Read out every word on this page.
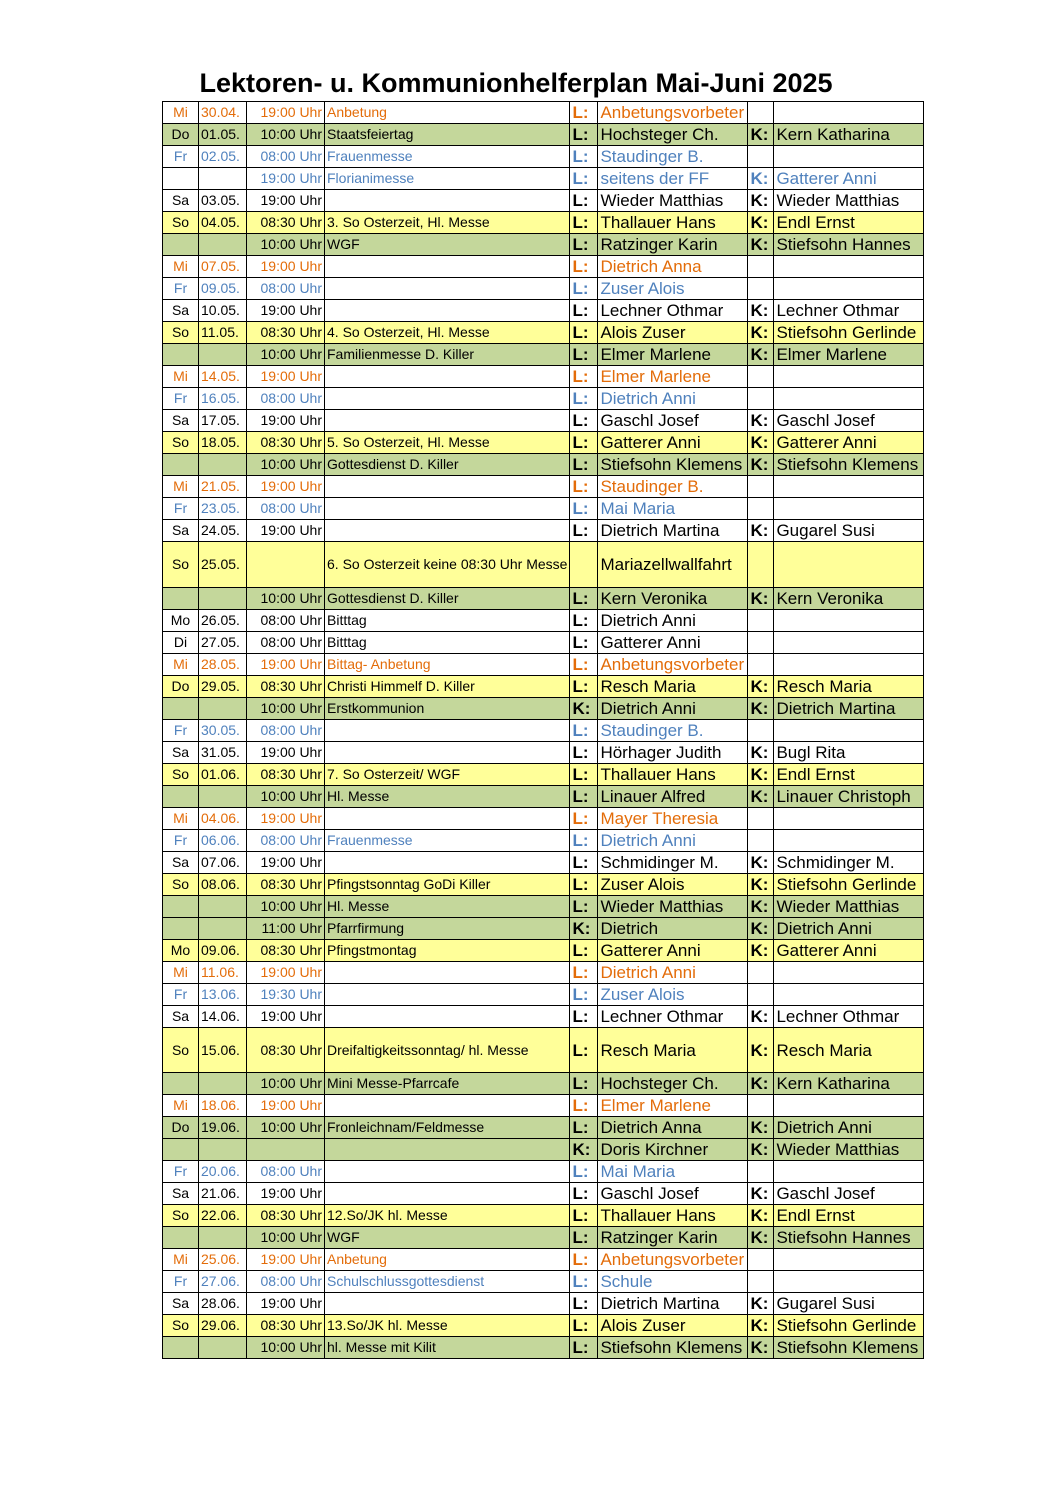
Lektoren- u. Kommunionhelferplan Mai-Juni 2025
Mi	30.04.	19:00 Uhr	Anbetung	L:	Anbetungsvorbeter		
Do	01.05.	10:00 Uhr	Staatsfeiertag	L:	Hochsteger Ch.	K:	Kern Katharina
Fr	02.05.	08:00 Uhr	Frauenmesse	L:	Staudinger B.		
		19:00 Uhr	Florianimesse	L:	seitens der FF	K:	Gatterer Anni
Sa	03.05.	19:00 Uhr		L:	Wieder Matthias	K:	Wieder Matthias
So	04.05.	08:30 Uhr	3. So Osterzeit, Hl. Messe	L:	Thallauer Hans	K:	Endl Ernst
		10:00 Uhr	WGF	L:	Ratzinger Karin	K:	Stiefsohn Hannes
Mi	07.05.	19:00 Uhr		L:	Dietrich Anna		
Fr	09.05.	08:00 Uhr		L:	Zuser Alois		
Sa	10.05.	19:00 Uhr		L:	Lechner Othmar	K:	Lechner Othmar
So	11.05.	08:30 Uhr	4. So Osterzeit, Hl. Messe	L:	Alois Zuser	K:	Stiefsohn Gerlinde
		10:00 Uhr	Familienmesse D. Killer	L:	Elmer Marlene	K:	Elmer Marlene
Mi	14.05.	19:00 Uhr		L:	Elmer Marlene		
Fr	16.05.	08:00 Uhr		L:	Dietrich Anni		
Sa	17.05.	19:00 Uhr		L:	Gaschl Josef	K:	Gaschl Josef
So	18.05.	08:30 Uhr	5. So Osterzeit, Hl. Messe	L:	Gatterer Anni	K:	Gatterer Anni
		10:00 Uhr	Gottesdienst D. Killer	L:	Stiefsohn Klemens	K:	Stiefsohn Klemens
Mi	21.05.	19:00 Uhr		L:	Staudinger B.		
Fr	23.05.	08:00 Uhr		L:	Mai Maria		
Sa	24.05.	19:00 Uhr		L:	Dietrich Martina	K:	Gugarel Susi
So	25.05.		6. So Osterzeit keine 08:30 Uhr Messe		Mariazellwallfahrt		
		10:00 Uhr	Gottesdienst D. Killer	L:	Kern Veronika	K:	Kern Veronika
Mo	26.05.	08:00 Uhr	Bitttag	L:	Dietrich Anni		
Di	27.05.	08:00 Uhr	Bitttag	L:	Gatterer Anni		
Mi	28.05.	19:00 Uhr	Bittag- Anbetung	L:	Anbetungsvorbeter		
Do	29.05.	08:30 Uhr	Christi Himmelf D. Killer	L:	Resch Maria	K:	Resch Maria
		10:00 Uhr	Erstkommunion	K:	Dietrich Anni	K:	Dietrich Martina
Fr	30.05.	08:00 Uhr		L:	Staudinger B.		
Sa	31.05.	19:00 Uhr		L:	Hörhager Judith	K:	Bugl Rita
So	01.06.	08:30 Uhr	7. So Osterzeit/ WGF	L:	Thallauer Hans	K:	Endl Ernst
		10:00 Uhr	Hl. Messe	L:	Linauer Alfred	K:	Linauer Christoph
Mi	04.06.	19:00 Uhr		L:	Mayer Theresia		
Fr	06.06.	08:00 Uhr	Frauenmesse	L:	Dietrich Anni		
Sa	07.06.	19:00 Uhr		L:	Schmidinger M.	K:	Schmidinger M.
So	08.06.	08:30 Uhr	Pfingstsonntag GoDi Killer	L:	Zuser Alois	K:	Stiefsohn Gerlinde
		10:00 Uhr	Hl. Messe	L:	Wieder Matthias	K:	Wieder Matthias
		11:00 Uhr	Pfarrfirmung	K:	Dietrich	K:	Dietrich Anni
Mo	09.06.	08:30 Uhr	Pfingstmontag	L:	Gatterer Anni	K:	Gatterer Anni
Mi	11.06.	19:00 Uhr		L:	Dietrich Anni		
Fr	13.06.	19:30 Uhr		L:	Zuser Alois		
Sa	14.06.	19:00 Uhr		L:	Lechner Othmar	K:	Lechner Othmar
So	15.06.	08:30 Uhr	Dreifaltigkeitssonntag/ hl. Messe	L:	Resch Maria	K:	Resch Maria
		10:00 Uhr	Mini Messe-Pfarrcafe	L:	Hochsteger Ch.	K:	Kern Katharina
Mi	18.06.	19:00 Uhr		L:	Elmer Marlene		
Do	19.06.	10:00 Uhr	Fronleichnam/Feldmesse	L:	Dietrich Anna	K:	Dietrich Anni
				K:	Doris Kirchner	K:	Wieder Matthias
Fr	20.06.	08:00 Uhr		L:	Mai Maria		
Sa	21.06.	19:00 Uhr		L:	Gaschl Josef	K:	Gaschl Josef
So	22.06.	08:30 Uhr	12.So/JK hl. Messe	L:	Thallauer Hans	K:	Endl Ernst
		10:00 Uhr	WGF	L:	Ratzinger Karin	K:	Stiefsohn Hannes
Mi	25.06.	19:00 Uhr	Anbetung	L:	Anbetungsvorbeter		
Fr	27.06.	08:00 Uhr	Schulschlussgottesdienst	L:	Schule		
Sa	28.06.	19:00 Uhr		L:	Dietrich Martina	K:	Gugarel Susi
So	29.06.	08:30 Uhr	13.So/JK hl. Messe	L:	Alois Zuser	K:	Stiefsohn Gerlinde
		10:00 Uhr	hl. Messe mit Kilit	L:	Stiefsohn Klemens	K:	Stiefsohn Klemens
